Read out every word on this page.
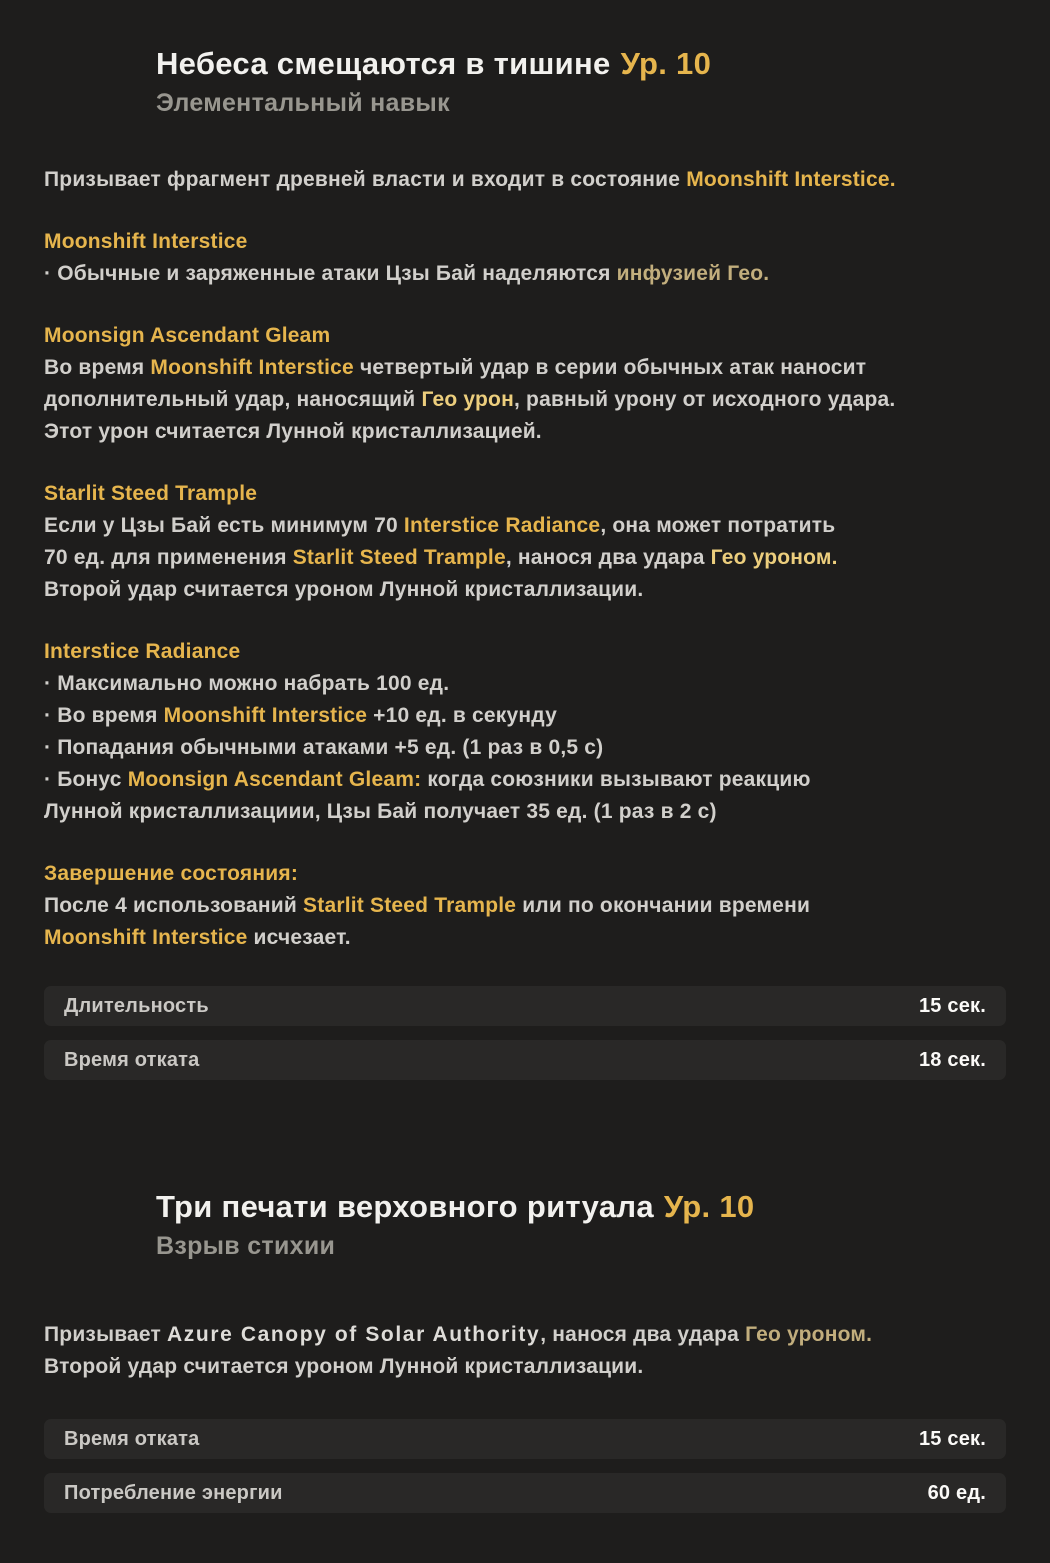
Небеса смещаются в тишине Ур. 10
Элементальный навык
Призывает фрагмент древней власти и входит в состояние Moonshift Interstice.
Moonshift Interstice
· Обычные и заряженные атаки Цзы Бай наделяются инфузией Гео.
Moonsign Ascendant Gleam
Во время Moonshift Interstice четвертый удар в серии обычных атак наносит
дополнительный удар, наносящий Гео урон, равный урону от исходного удара.
Этот урон считается Лунной кристаллизацией.
Starlit Steed Trample
Если у Цзы Бай есть минимум 70 Interstice Radiance, она может потратить
70 ед. для применения Starlit Steed Trample, нанося два удара Гео уроном.
Второй удар считается уроном Лунной кристаллизации.
Interstice Radiance
· Максимально можно набрать 100 ед.
· Во время Moonshift Interstice +10 ед. в секунду
· Попадания обычными атаками +5 ед. (1 раз в 0,5 с)
· Бонус Moonsign Ascendant Gleam: когда союзники вызывают реакцию
Лунной кристаллизациии, Цзы Бай получает 35 ед. (1 раз в 2 с)
Завершение состояния:
После 4 использований Starlit Steed Trample или по окончании времени
Moonshift Interstice исчезает.
Длительность	15 сек.
Время отката	18 сек.
Три печати верховного ритуала Ур. 10
Взрыв стихии
Призывает Azure Canopy of Solar Authority, нанося два удара Гео уроном.
Второй удар считается уроном Лунной кристаллизации.
Время отката	15 сек.
Потребление энергии	60 ед.
